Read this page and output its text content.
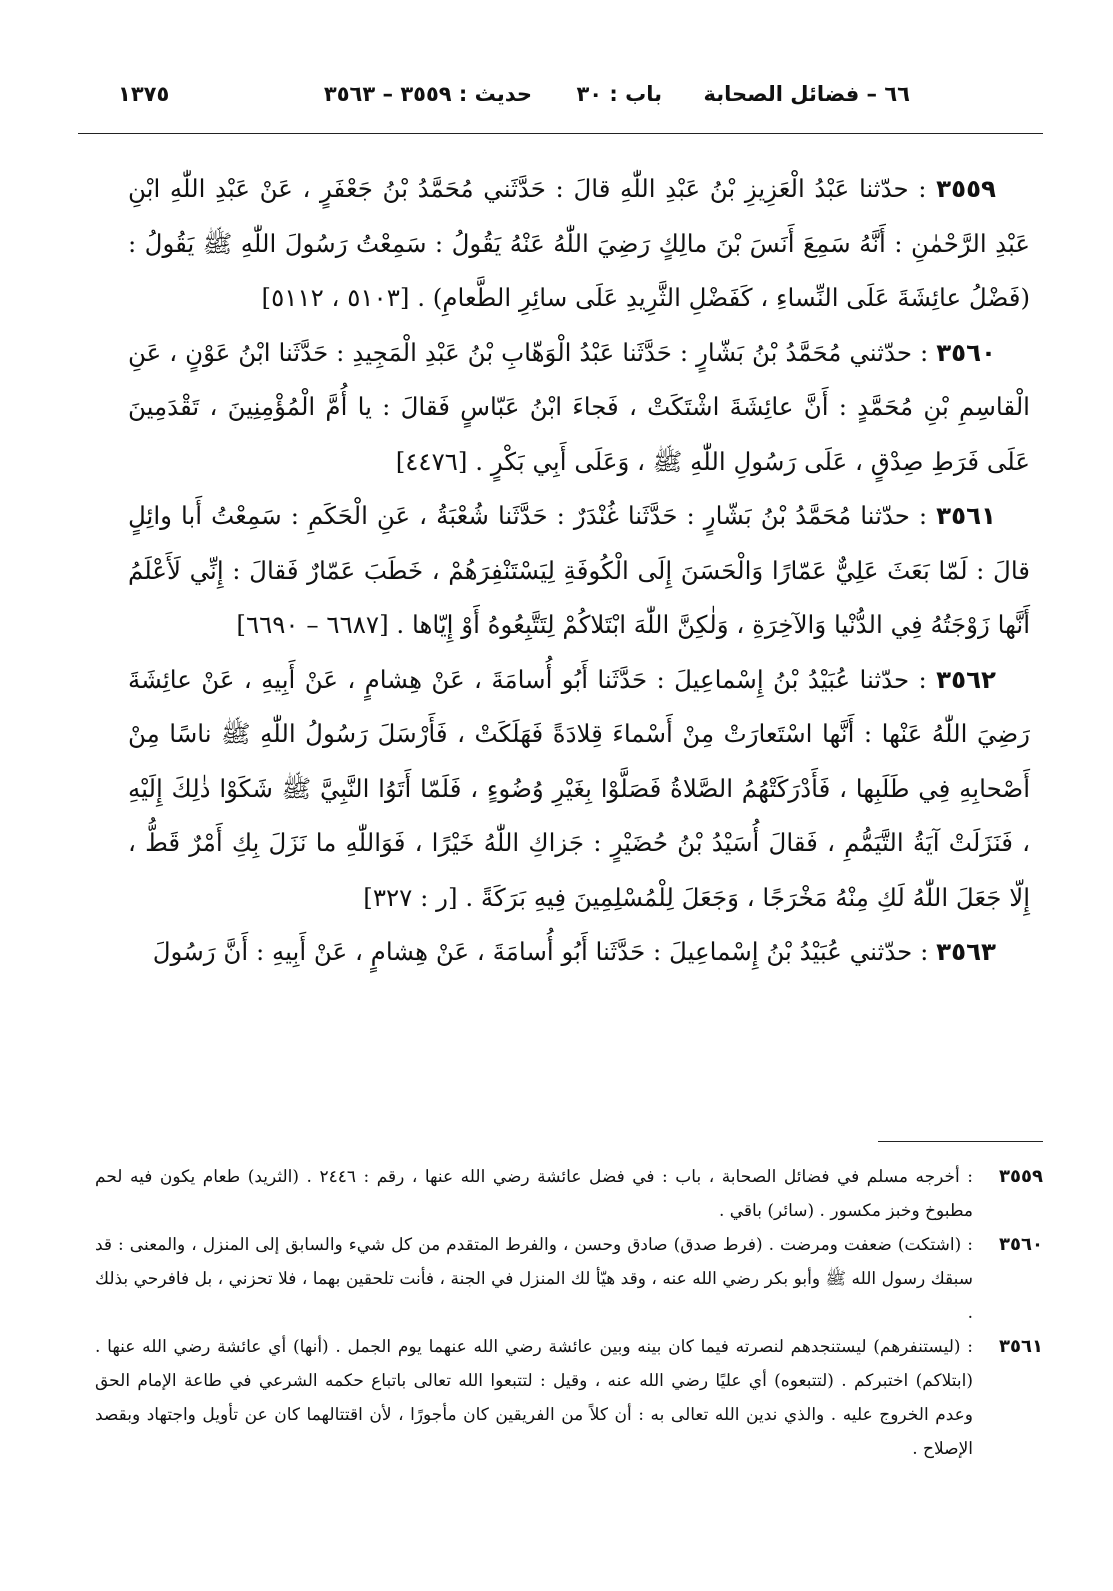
٦٦ – فضائل الصحابة
باب : ٣٠
حديث : ٣٥٥٩ – ٣٥٦٣
١٣٧٥

٣٥٥٩ : حدّثنا عَبْدُ الْعَزِيزِ بْنُ عَبْدِ اللّٰهِ قالَ : حَدَّثَني مُحَمَّدُ بْنُ جَعْفَرٍ ، عَنْ عَبْدِ اللّٰهِ ابْنِ عَبْدِ الرَّحْمٰنِ : أَنَّهُ سَمِعَ أَنَسَ بْنَ مالِكٍ رَضِيَ اللّٰهُ عَنْهُ يَقُولُ : سَمِعْتُ رَسُولَ اللّٰهِ ﷺ يَقُولُ : (فَضْلُ عائِشَةَ عَلَى النِّساءِ ، كَفَضْلِ الثَّرِيدِ عَلَى سائِرِ الطَّعامِ) . [٥١٠٣ ، ٥١١٢]

٣٥٦٠ : حدّثني مُحَمَّدُ بْنُ بَشّارٍ : حَدَّثَنا عَبْدُ الْوَهّابِ بْنُ عَبْدِ الْمَجِيدِ : حَدَّثَنا ابْنُ عَوْنٍ ، عَنِ الْقاسِمِ بْنِ مُحَمَّدٍ : أَنَّ عائِشَةَ اشْتَكَتْ ، فَجاءَ ابْنُ عَبّاسٍ فَقالَ : يا أُمَّ الْمُؤْمِنِينَ ، تَقْدَمِينَ عَلَى فَرَطِ صِدْقٍ ، عَلَى رَسُولِ اللّٰهِ ﷺ ، وَعَلَى أَبِي بَكْرٍ . [٤٤٧٦]

٣٥٦١ : حدّثنا مُحَمَّدُ بْنُ بَشّارٍ : حَدَّثَنا غُنْدَرٌ : حَدَّثَنا شُعْبَةُ ، عَنِ الْحَكَمِ : سَمِعْتُ أَبا وائِلٍ قالَ : لَمّا بَعَثَ عَلِيٌّ عَمّارًا وَالْحَسَنَ إِلَى الْكُوفَةِ لِيَسْتَنْفِرَهُمْ ، خَطَبَ عَمّارٌ فَقالَ : إِنِّي لَأَعْلَمُ أَنَّها زَوْجَتُهُ فِي الدُّنْيا وَالآخِرَةِ ، وَلٰكِنَّ اللّٰهَ ابْتَلاكُمْ لِتَتَّبِعُوهُ أَوْ إِيّاها . [٦٦٨٧ – ٦٦٩٠]

٣٥٦٢ : حدّثنا عُبَيْدُ بْنُ إِسْماعِيلَ : حَدَّثَنا أَبُو أُسامَةَ ، عَنْ هِشامٍ ، عَنْ أَبِيهِ ، عَنْ عائِشَةَ رَضِيَ اللّٰهُ عَنْها : أَنَّها اسْتَعارَتْ مِنْ أَسْماءَ قِلادَةً فَهَلَكَتْ ، فَأَرْسَلَ رَسُولُ اللّٰهِ ﷺ ناسًا مِنْ أَصْحابِهِ فِي طَلَبِها ، فَأَدْرَكَتْهُمُ الصَّلاةُ فَصَلَّوْا بِغَيْرِ وُضُوءٍ ، فَلَمّا أَتَوُا النَّبِيَّ ﷺ شَكَوْا ذٰلِكَ إِلَيْهِ ، فَنَزَلَتْ آيَةُ التَّيَمُّمِ ، فَقالَ أُسَيْدُ بْنُ حُضَيْرٍ : جَزاكِ اللّٰهُ خَيْرًا ، فَوَاللّٰهِ ما نَزَلَ بِكِ أَمْرٌ قَطُّ ، إِلّا جَعَلَ اللّٰهُ لَكِ مِنْهُ مَخْرَجًا ، وَجَعَلَ لِلْمُسْلِمِينَ فِيهِ بَرَكَةً . [ر : ٣٢٧]

٣٥٦٣ : حدّثني عُبَيْدُ بْنُ إِسْماعِيلَ : حَدَّثَنا أَبُو أُسامَةَ ، عَنْ هِشامٍ ، عَنْ أَبِيهِ : أَنَّ رَسُولَ

٣٥٥٩
: أخرجه مسلم في فضائل الصحابة ، باب : في فضل عائشة رضي الله عنها ، رقم : ٢٤٤٦ . (الثريد) طعام يكون فيه لحم مطبوخ وخبز مكسور . (سائر) باقي .

٣٥٦٠
: (اشتكت) ضعفت ومرضت . (فرط صدق) صادق وحسن ، والفرط المتقدم من كل شيء والسابق إلى المنزل ، والمعنى : قد سبقك رسول الله ﷺ وأبو بكر رضي الله عنه ، وقد هيّأ لك المنزل في الجنة ، فأنت تلحقين بهما ، فلا تحزني ، بل فافرحي بذلك .

٣٥٦١
: (ليستنفرهم) ليستنجدهم لنصرته فيما كان بينه وبين عائشة رضي الله عنهما يوم الجمل . (أنها) أي عائشة رضي الله عنها . (ابتلاكم) اختبركم . (لتتبعوه) أي عليًا رضي الله عنه ، وقيل : لتتبعوا الله تعالى باتباع حكمه الشرعي في طاعة الإمام الحق وعدم الخروج عليه . والذي ندين الله تعالى به : أن كلاً من الفريقين كان مأجورًا ، لأن اقتتالهما كان عن تأويل واجتهاد وبقصد الإصلاح .
